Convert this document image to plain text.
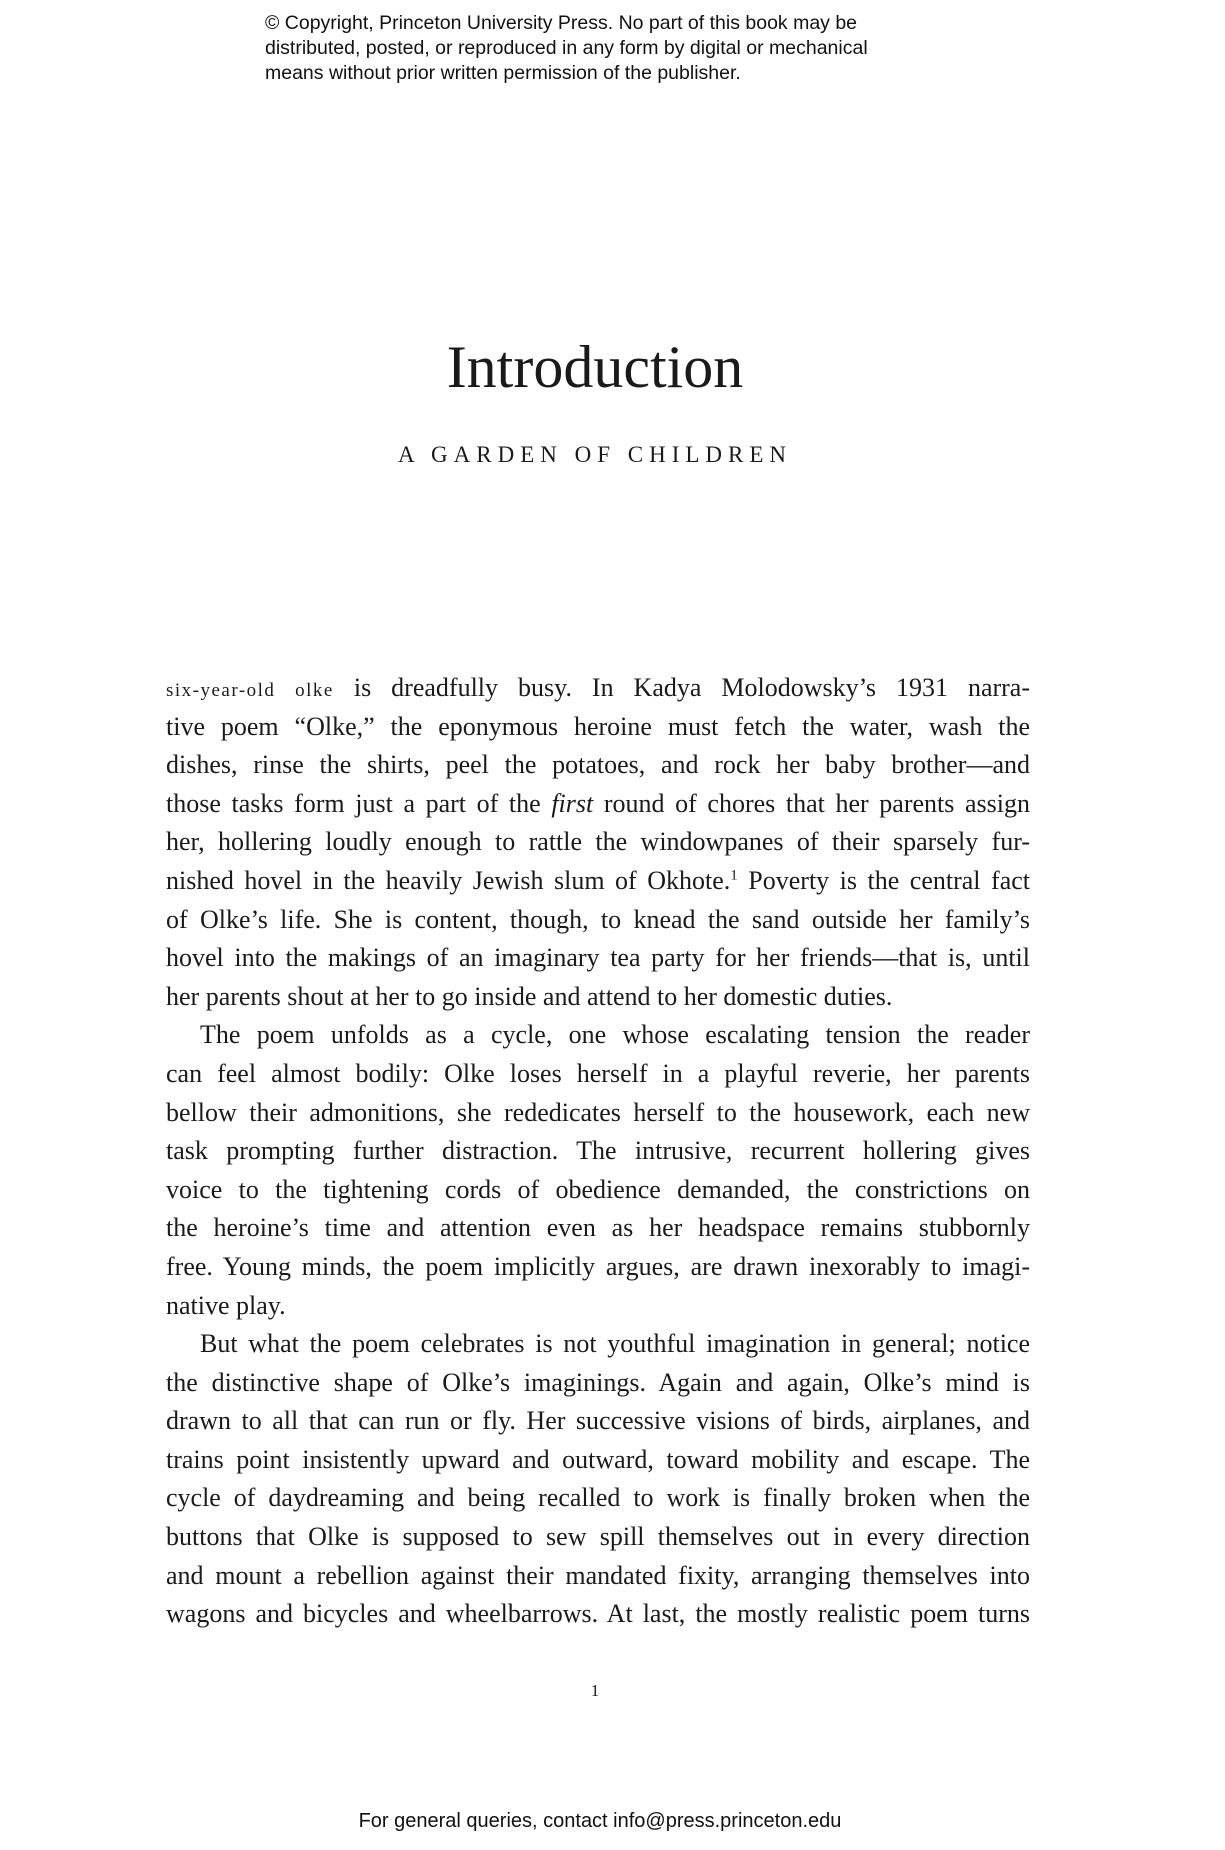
© Copyright, Princeton University Press. No part of this book may be
distributed, posted, or reproduced in any form by digital or mechanical
means without prior written permission of the publisher.
Introduction
A GARDEN OF CHILDREN
six-year-old olke is dreadfully busy. In Kadya Molodowsky’s 1931 narra-
tive poem “Olke,” the eponymous heroine must fetch the water, wash the
dishes, rinse the shirts, peel the potatoes, and rock her baby brother—and
those tasks form just a part of the first round of chores that her parents assign
her, hollering loudly enough to rattle the windowpanes of their sparsely fur-
nished hovel in the heavily Jewish slum of Okhote.$^1$ Poverty is the central fact
of Olke’s life. She is content, though, to knead the sand outside her family’s
hovel into the makings of an imaginary tea party for her friends—that is, until
her parents shout at her to go inside and attend to her domestic duties.
The poem unfolds as a cycle, one whose escalating tension the reader
can feel almost bodily: Olke loses herself in a playful reverie, her parents
bellow their admonitions, she rededicates herself to the housework, each new
task prompting further distraction. The intrusive, recurrent hollering gives
voice to the tightening cords of obedience demanded, the constrictions on
the heroine’s time and attention even as her headspace remains stubbornly
free. Young minds, the poem implicitly argues, are drawn inexorably to imagi-
native play.
But what the poem celebrates is not youthful imagination in general; notice
the distinctive shape of Olke’s imaginings. Again and again, Olke’s mind is
drawn to all that can run or fly. Her successive visions of birds, airplanes, and
trains point insistently upward and outward, toward mobility and escape. The
cycle of daydreaming and being recalled to work is finally broken when the
buttons that Olke is supposed to sew spill themselves out in every direction
and mount a rebellion against their mandated fixity, arranging themselves into
wagons and bicycles and wheelbarrows. At last, the mostly realistic poem turns
1
For general queries, contact info@press.princeton.edu
